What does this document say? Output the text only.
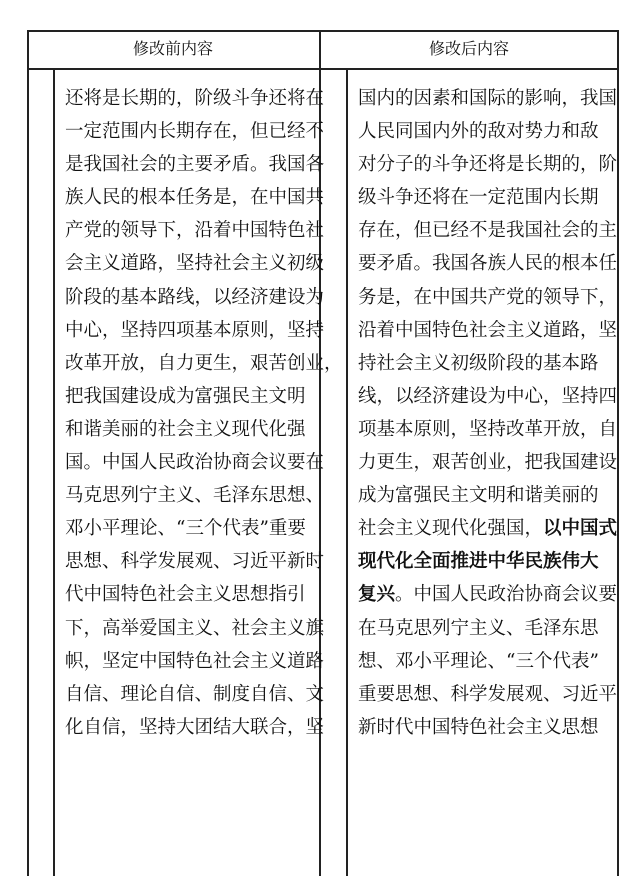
修改前内容	修改后内容

还将是长期的，阶级斗争还将在

一定范围内长期存在，但已经不

是我国社会的主要矛盾。我国各

族人民的根本任务是，在中国共

产党的领导下，沿着中国特色社

会主义道路，坚持社会主义初级

阶段的基本路线，以经济建设为

中心，坚持四项基本原则，坚持

改革开放，自力更生，艰苦创业，

把我国建设成为富强民主文明

和谐美丽的社会主义现代化强

国。中国人民政治协商会议要在

马克思列宁主义、毛泽东思想、

邓小平理论、“三个代表”重要

思想、科学发展观、习近平新时

代中国特色社会主义思想指引

下，高举爱国主义、社会主义旗

帜，坚定中国特色社会主义道路

自信、理论自信、制度自信、文

化自信，坚持大团结大联合，坚

国内的因素和国际的影响，我国

人民同国内外的敌对势力和敌

对分子的斗争还将是长期的，阶

级斗争还将在一定范围内长期

存在，但已经不是我国社会的主

要矛盾。我国各族人民的根本任

务是，在中国共产党的领导下，

沿着中国特色社会主义道路，坚

持社会主义初级阶段的基本路

线，以经济建设为中心，坚持四

项基本原则，坚持改革开放，自

力更生，艰苦创业，把我国建设

成为富强民主文明和谐美丽的

社会主义现代化强国，以中国式

现代化全面推进中华民族伟大

复兴。中国人民政治协商会议要

在马克思列宁主义、毛泽东思

想、邓小平理论、“三个代表”

重要思想、科学发展观、习近平

新时代中国特色社会主义思想
